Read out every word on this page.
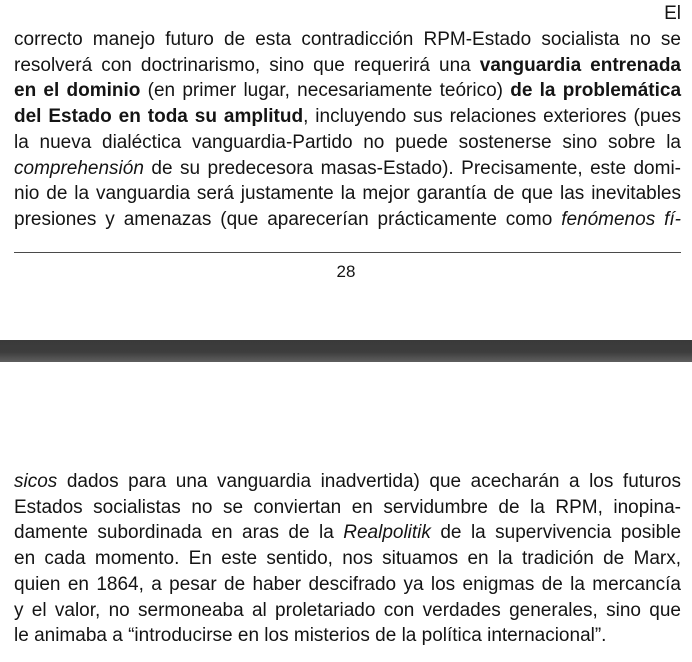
El
correcto manejo futuro de esta contradicción RPM-Estado socialista no se
resolverá con doctrinarismo, sino que requerirá una vanguardia entrenada
en el dominio (en primer lugar, necesariamente teórico) de la problemática
del Estado en toda su amplitud, incluyendo sus relaciones exteriores (pues
la nueva dialéctica vanguardia-Partido no puede sostenerse sino sobre la
comprehensión de su predecesora masas-Estado). Precisamente, este domi-
nio de la vanguardia será justamente la mejor garantía de que las inevitables
presiones y amenazas (que aparecerían prácticamente como fenómenos fí-
28
sicos dados para una vanguardia inadvertida) que acecharán a los futuros
Estados socialistas no se conviertan en servidumbre de la RPM, inopina-
damente subordinada en aras de la Realpolitik de la supervivencia posible
en cada momento. En este sentido, nos situamos en la tradición de Marx,
quien en 1864, a pesar de haber descifrado ya los enigmas de la mercancía
y el valor, no sermoneaba al proletariado con verdades generales, sino que
le animaba a “introducirse en los misterios de la política internacional”.
